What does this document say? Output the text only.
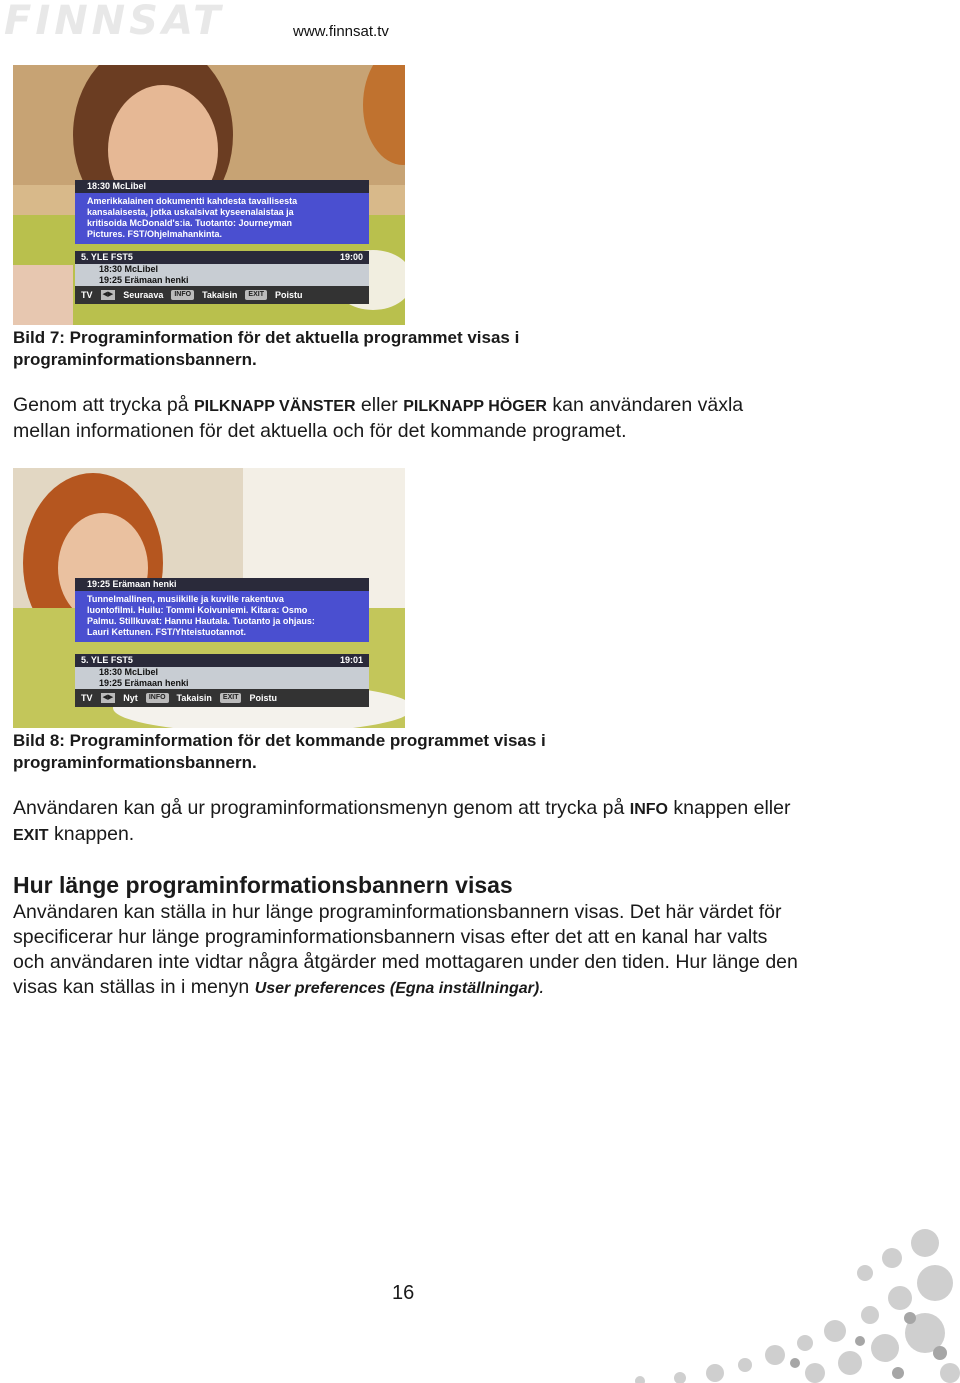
FINNSAT	www.finnsat.tv
18:30 McLibel
Amerikkalainen dokumentti kahdesta tavallisesta
kansalaisesta, jotka uskalsivat kyseenalaistaa ja
kritisoida McDonald's:ia. Tuotanto: Journeyman
Pictures. FST/Ohjelmahankinta.
5. YLE FST5	19:00
18:30 McLibel
19:25 Erämaan henki
TV ◀▶ Seuraava	INFO	Takaisin	EXIT	Poistu
Bild 7: Programinformation för det aktuella programmet visas i programinformationsbannern.
Genom att trycka på PILKNAPP VÄNSTER eller PILKNAPP HÖGER kan användaren växla mellan informationen för det aktuella och för det kommande programet.
19:25 Erämaan henki
Tunnelmallinen, musiikille ja kuville rakentuva
luontofilmi. Huilu: Tommi Koivuniemi. Kitara: Osmo
Palmu. Stillkuvat: Hannu Hautala. Tuotanto ja ohjaus:
Lauri Kettunen. FST/Yhteistuotannot.
5. YLE FST5	19:01
18:30 McLibel
19:25 Erämaan henki
TV ◀▶ Nyt	INFO	Takaisin	EXIT	Poistu
Bild 8: Programinformation för det kommande programmet visas i programinformationsbannern.
Användaren kan gå ur programinformationsmenyn genom att trycka på INFO knappen eller EXIT knappen.
Hur länge programinformationsbannern visas
Användaren kan ställa in hur länge programinformationsbannern visas. Det här värdet för specificerar hur länge programinformationsbannern visas efter det att en kanal har valts och användaren inte vidtar några åtgärder med mottagaren under den tiden. Hur länge den visas kan ställas in i menyn User preferences (Egna inställningar).
16
